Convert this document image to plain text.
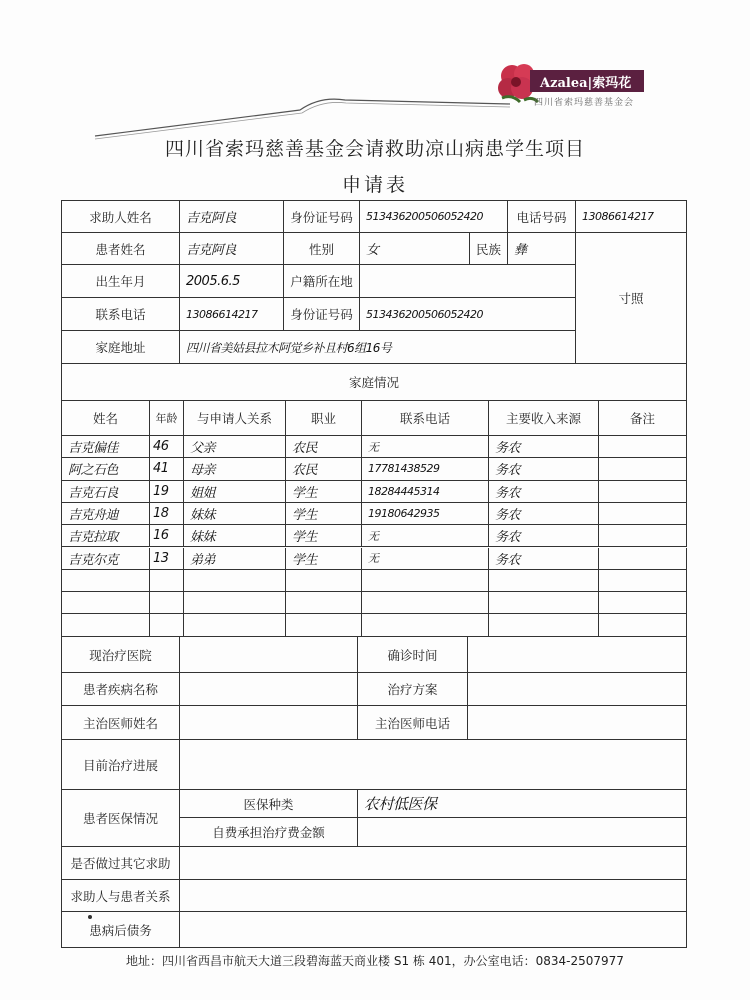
Azalea|索玛花
四川省索玛慈善基金会
四川省索玛慈善基金会请救助凉山病患学生项目
申请表
求助人姓名	吉克阿良	身份证号码	513436200506052420	电话号码	13086614217
患者姓名	吉克阿良	性别	女	民族	彝
寸照
出生年月	2005.6.5	户籍所在地
联系电话	13086614217	身份证号码	513436200506052420
家庭地址	四川省美姑县拉木阿觉乡补且村6组16号
家庭情况
姓名	年龄	与申请人关系	职业	联系电话	主要收入来源	备注
吉克偏佳	46	父亲	农民	无	务农
阿之石色	41	母亲	农民	17781438529	务农
吉克石良	19	姐姐	学生	18284445314	务农
吉克舟迪	18	妹妹	学生	19180642935	务农
吉克拉取	16	妹妹	学生	无	务农
吉克尔克	13	弟弟	学生	无	务农
现治疗医院	确诊时间
患者疾病名称	治疗方案
主治医师姓名	主治医师电话
目前治疗进展
患者医保情况
医保种类	农村低医保
自费承担治疗费金额
是否做过其它求助
求助人与患者关系
患病后债务
地址：四川省西昌市航天大道三段碧海蓝天商业楼 S1 栋 401，办公室电话：0834-2507977
